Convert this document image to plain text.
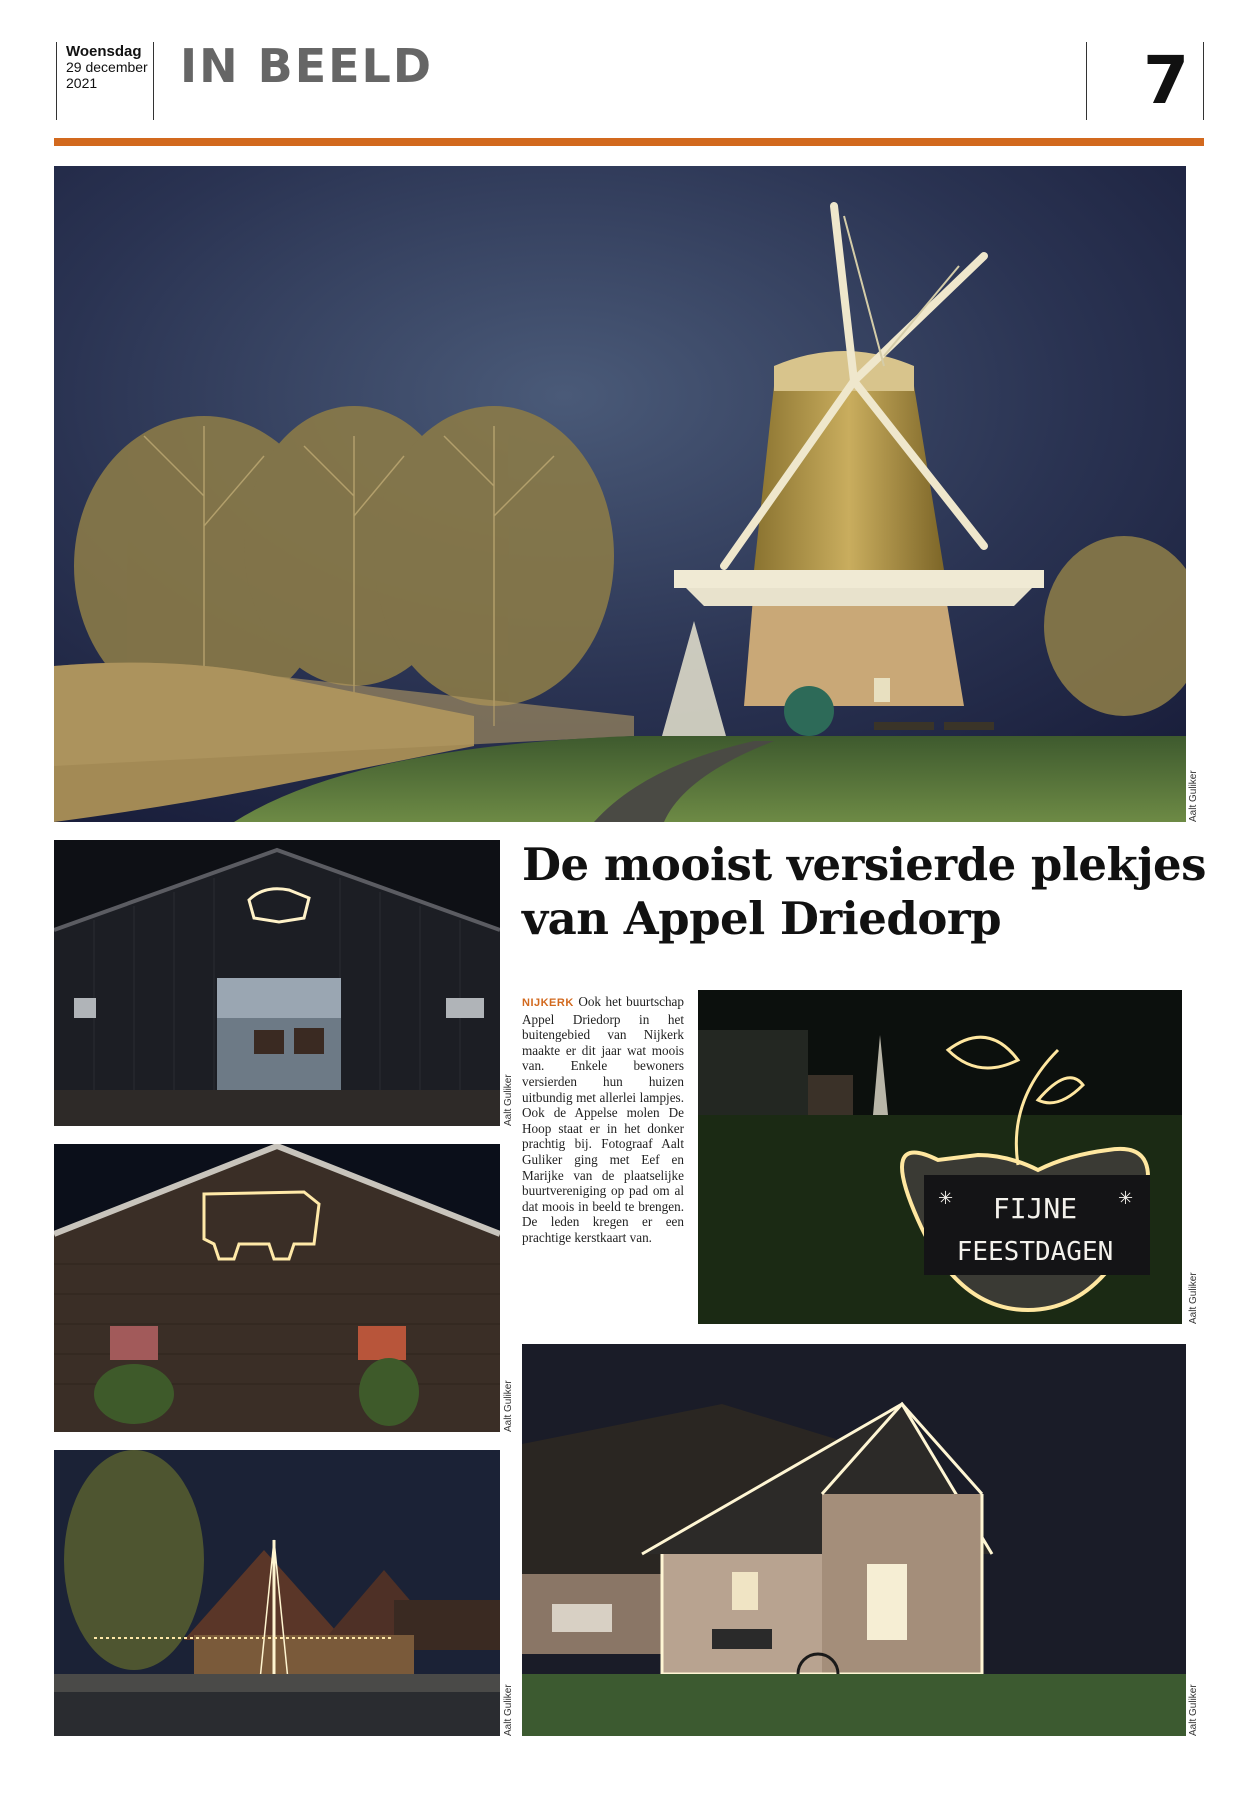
Woensdag
29 december
2021	IN BEELD	7
Aalt Guliker
Aalt Guliker
Aalt Guliker
Aalt Guliker
De mooist versierde plekjes
van Appel Driedorp
NIJKERK Ook het buurtschap Appel Driedorp in het buitengebied van Nijkerk maakte er dit jaar wat moois van. Enkele bewoners versierden hun huizen uitbundig met allerlei lampjes. Ook de Appelse molen De Hoop staat er in het donker prachtig bij. Fotograaf Aalt Guliker ging met Eef en Marijke van de plaatselijke buurtvereniging op pad om al dat moois in beeld te brengen. De leden kregen er een prachtige kerstkaart van.
FIJNE
FEESTDAGEN
✳	✳
Aalt Guliker
Aalt Guliker
